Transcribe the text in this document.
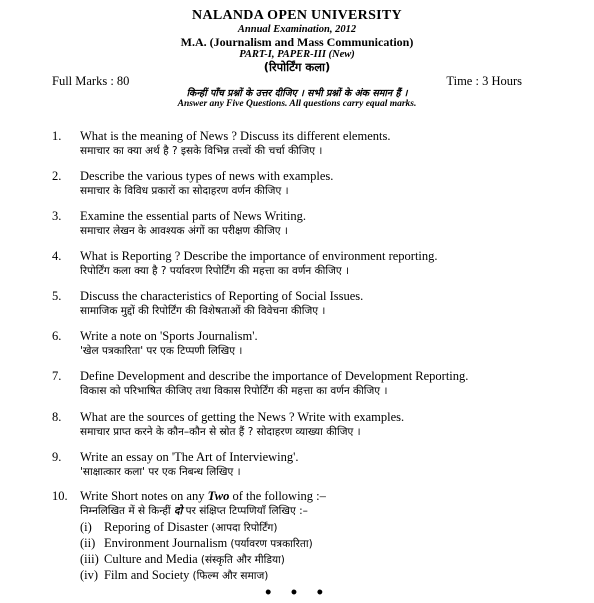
NALANDA OPEN UNIVERSITY
Annual Examination, 2012
M.A. (Journalism and Mass Communication)
PART-I, PAPER-III (New)
(रिपोर्टिंग कला)
Full Marks : 80	Time : 3 Hours
किन्हीं पाँच प्रश्नों के उत्तर दीजिए । सभी प्रश्नों के अंक समान हैं ।
Answer any Five Questions. All questions carry equal marks.
1.	What is the meaning of News ? Discuss its different elements.
समाचार का क्या अर्थ है ? इसके विभिन्न तत्त्वों की चर्चा कीजिए ।
2.	Describe the various types of news with examples.
समाचार के विविध प्रकारों का सोदाहरण वर्णन कीजिए ।
3.	Examine the essential parts of News Writing.
समाचार लेखन के आवश्यक अंगों का परीक्षण कीजिए ।
4.	What is Reporting ? Describe the importance of environment reporting.
रिपोर्टिंग कला क्या है ? पर्यावरण रिपोर्टिंग की महत्ता का वर्णन कीजिए ।
5.	Discuss the characteristics of Reporting of Social Issues.
सामाजिक मुद्दों की रिपोर्टिंग की विशेषताओं की विवेचना कीजिए ।
6.	Write a note on 'Sports Journalism'.
'खेल पत्रकारिता' पर एक टिप्पणी लिखिए ।
7.	Define Development and describe the importance of Development Reporting.
विकास को परिभाषित कीजिए तथा विकास रिपोर्टिंग की महत्ता का वर्णन कीजिए ।
8.	What are the sources of getting the News ? Write with examples.
समाचार प्राप्त करने के कौन–कौन से स्रोत हैं ? सोदाहरण व्याख्या कीजिए ।
9.	Write an essay on 'The Art of Interviewing'.
'साक्षात्कार कला' पर एक निबन्ध लिखिए ।
10. Write Short notes on any Two of the following :–
निम्नलिखित में से किन्हीं दो पर संक्षिप्त टिप्पणियाँ लिखिए :–
(i) Reporing of Disaster (आपदा रिपोर्टिंग)
(ii) Environment Journalism (पर्यावरण पत्रकारिता)
(iii) Culture and Media (संस्कृति और मीडिया)
(iv) Film and Society (फिल्म और समाज)
• • •
